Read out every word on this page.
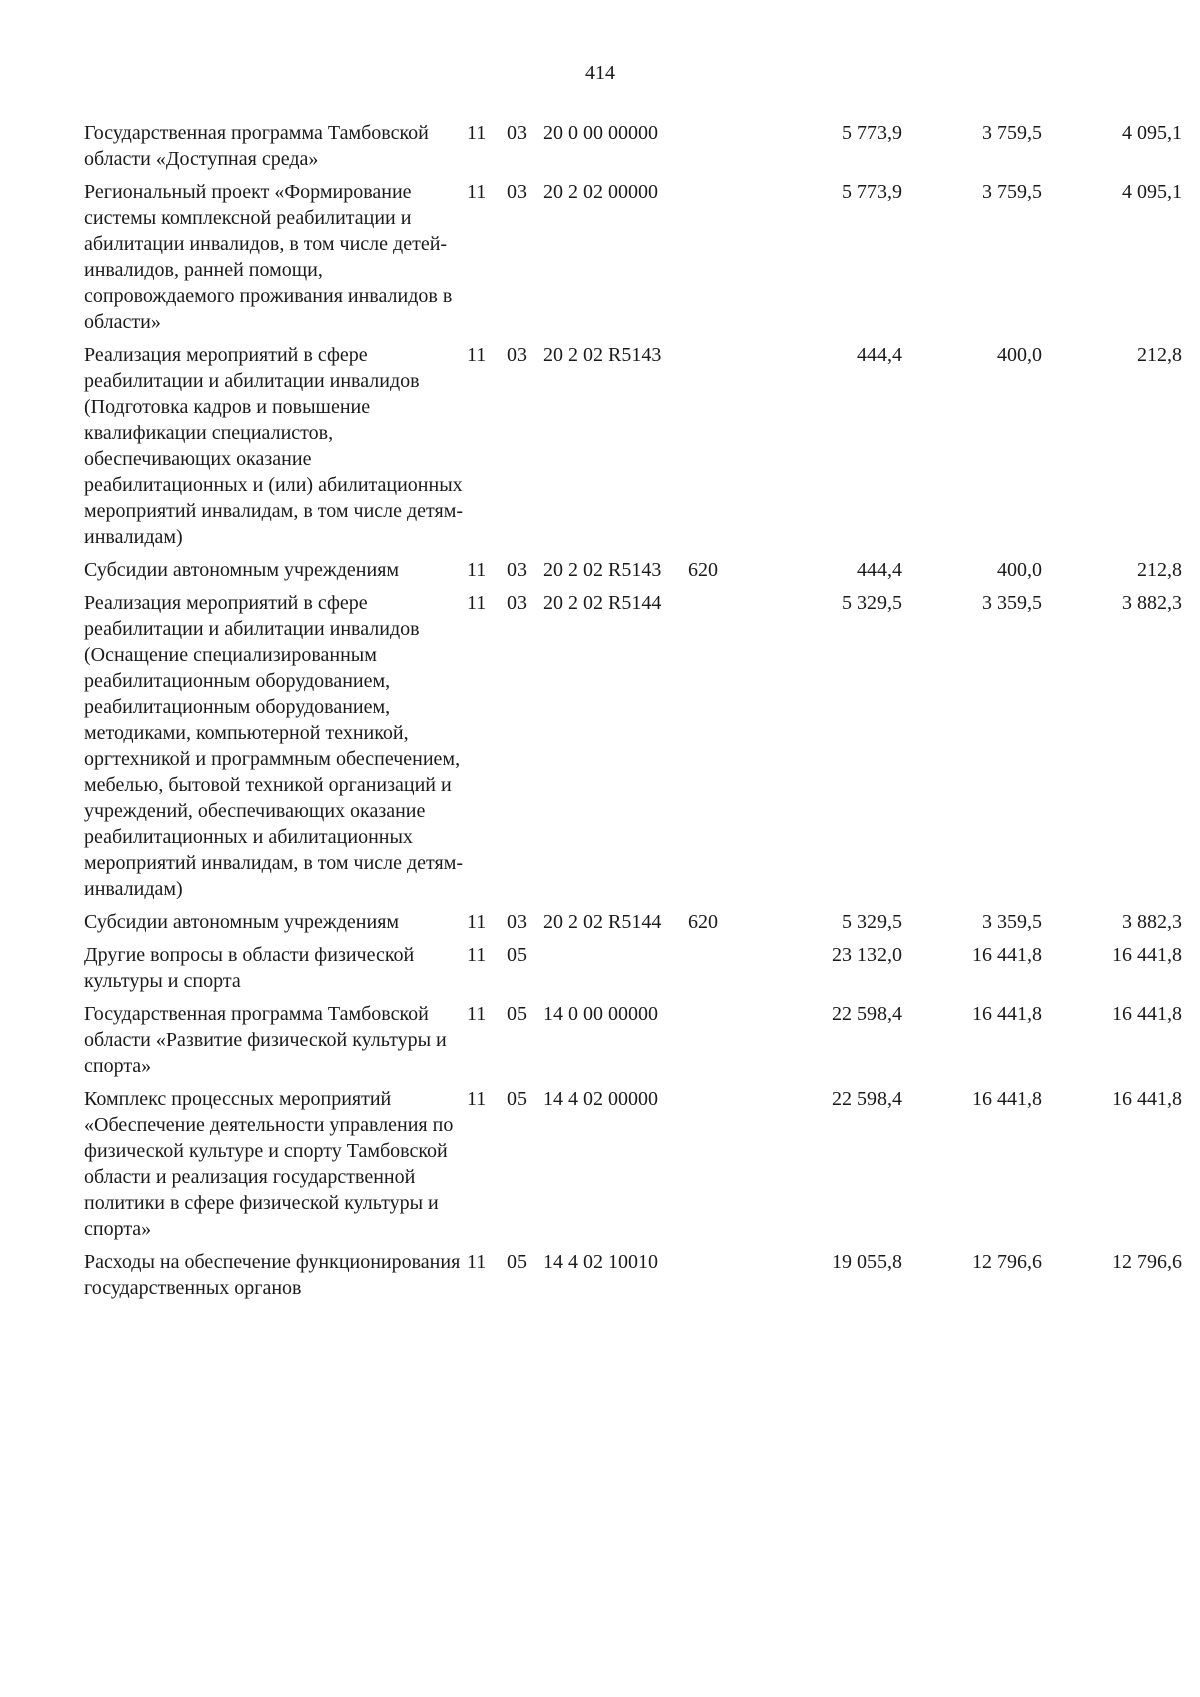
414
Государственная программа Тамбовской области «Доступная среда»	11	03	20 0 00 00000		5 773,9	3 759,5	4 095,1
Региональный проект «Формирование системы комплексной реабилитации и абилитации инвалидов, в том числе детей-инвалидов, ранней помощи, сопровождаемого проживания инвалидов в области»	11	03	20 2 02 00000		5 773,9	3 759,5	4 095,1
Реализация мероприятий в сфере реабилитации и абилитации инвалидов (Подготовка кадров и повышение квалификации специалистов, обеспечивающих оказание реабилитационных и (или) абилитационных мероприятий инвалидам, в том числе детям-инвалидам)	11	03	20 2 02 R5143		444,4	400,0	212,8
Субсидии автономным учреждениям	11	03	20 2 02 R5143	620	444,4	400,0	212,8
Реализация мероприятий в сфере реабилитации и абилитации инвалидов (Оснащение специализированным реабилитационным оборудованием, реабилитационным оборудованием, методиками, компьютерной техникой, оргтехникой и программным обеспечением, мебелью, бытовой техникой организаций и учреждений, обеспечивающих оказание реабилитационных и абилитационных мероприятий инвалидам, в том числе детям-инвалидам)	11	03	20 2 02 R5144		5 329,5	3 359,5	3 882,3
Субсидии автономным учреждениям	11	03	20 2 02 R5144	620	5 329,5	3 359,5	3 882,3
Другие вопросы в области физической культуры и спорта	11	05			23 132,0	16 441,8	16 441,8
Государственная программа Тамбовской области «Развитие физической культуры и спорта»	11	05	14 0 00 00000		22 598,4	16 441,8	16 441,8
Комплекс процессных мероприятий «Обеспечение деятельности управления по физической культуре и спорту Тамбовской области и реализация государственной политики в сфере физической культуры и спорта»	11	05	14 4 02 00000		22 598,4	16 441,8	16 441,8
Расходы на обеспечение функционирования государственных органов	11	05	14 4 02 10010		19 055,8	12 796,6	12 796,6
